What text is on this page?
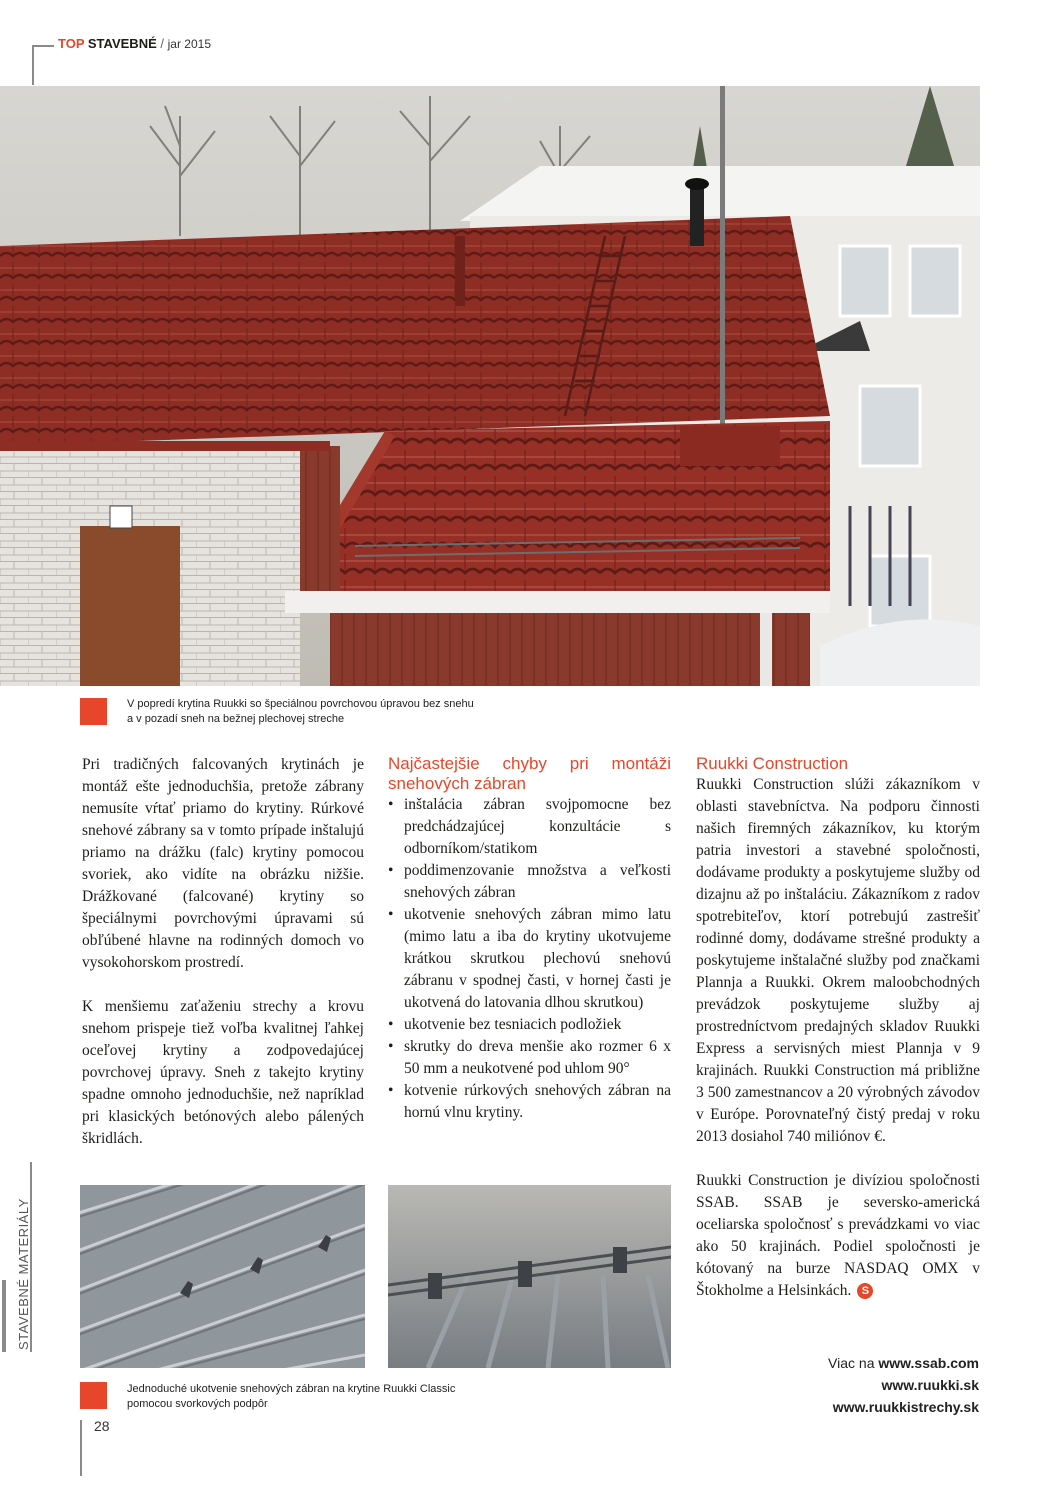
TOP STAVEBNÉ / jar 2015
V popredí krytina Ruukki so špeciálnou povrchovou úpravou bez snehu
a v pozadí sneh na bežnej plechovej streche

Pri tradičných falcovaných krytinách je montáž ešte jednoduchšia, pretože zábrany nemusíte vŕtať priamo do krytiny. Rúrkové snehové zábrany sa v tomto prípade inštalujú priamo na drážku (falc) krytiny pomocou svoriek, ako vidíte na obrázku nižšie. Drážkované (falcované) krytiny so špeciálnymi povrchovými úpravami sú obľúbené hlavne na rodinných domoch vo vysokohorskom prostredí.

K menšiemu zaťaženiu strechy a krovu snehom prispeje tiež voľba kvalitnej ľahkej oceľovej krytiny a zodpovedajúcej povrchovej úpravy. Sneh z takejto krytiny spadne omnoho jednoduchšie, než napríklad pri klasických betónových alebo pálených škridlách.

Najčastejšie chyby pri montáži snehových zábran
• inštalácia zábran svojpomocne bez predchádzajúcej konzultácie s odborníkom/statikom
• poddimenzovanie množstva a veľkosti snehových zábran
• ukotvenie snehových zábran mimo latu (mimo latu a iba do krytiny ukotvujeme krátkou skrutkou plechovú snehovú zábranu v spodnej časti, v hornej časti je ukotvená do latovania dlhou skrutkou)
• ukotvenie bez tesniacich podložiek
• skrutky do dreva menšie ako rozmer 6 x 50 mm a neukotvené pod uhlom 90°
• kotvenie rúrkových snehových zábran na hornú vlnu krytiny.
Ruukki Construction

Ruukki Construction slúži zákazníkom v oblasti stavebníctva. Na podporu činnosti našich firemných zákazníkov, ku ktorým patria investori a stavebné spoločnosti, dodávame produkty a poskytujeme služby od dizajnu až po inštaláciu. Zákazníkom z radov spotrebiteľov, ktorí potrebujú zastrešiť rodinné domy, dodávame strešné produkty a poskytujeme inštalačné služby pod značkami Plannja a Ruukki. Okrem maloobchodných prevádzok poskytujeme služby aj prostredníctvom predajných skladov Ruukki Express a servisných miest Plannja v 9 krajinách. Ruukki Construction má približne 3 500 zamestnancov a 20 výrobných závodov v Európe. Porovnateľný čistý predaj v roku 2013 dosiahol 740 miliónov €.

Ruukki Construction je divíziou spoločnosti SSAB. SSAB je seversko-americká oceliarska spoločnosť s prevádzkami vo viac ako 50 krajinách. Podiel spoločnosti je kótovaný na burze NASDAQ OMX v Štokholme a Helsinkách. S

STAVEBNÉ MATERIÁLY
Jednoduché ukotvenie snehových zábran na krytine Ruukki Classic
pomocou svorkových podpôr
Viac na www.ssab.com
www.ruukki.sk
www.ruukkistrechy.sk
28
